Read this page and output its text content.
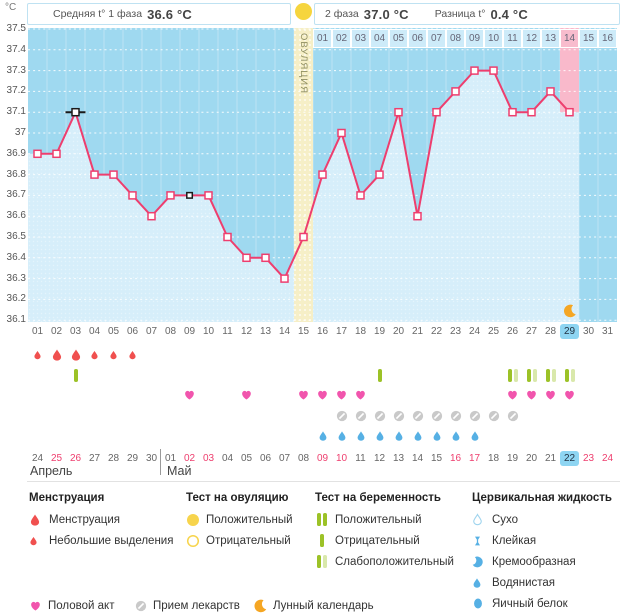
°C
Средняя t° 1 фаза 36.6 °C	2 фаза 37.0 °C Разница t° 0.4 °C
ОВУЛЯЦИЯ
37.5
37.4
37.3
37.2
37.1
37
36.9
36.8
36.7
36.6
36.5
36.4
36.3
36.2
36.1
01 02 03 04 05 06 07 08 09 10 11 12 13 14 15 16
01 02 03 04 05 06 07 08 09 10 11 12 13 14 15 16 17 18 19 20 21 22 23 24 25 26 27 28 29 30 31
24 25 26 27 28 29 30 01 02 03 04 05 06 07 08 09 10 11 12 13 14 15 16 17 18 19 20 21 22 23 24
Апрель	Май
Менструация
Менструация
Небольшие выделения
Тест на овуляцию
Положительный
Отрицательный
Тест на беременность
Положительный
Отрицательный
Слабоположительный
Цервикальная жидкость
Сухо
Клейкая
Кремообразная
Водянистая
Яичный белок
Половой акт	Прием лекарств	Лунный календарь
